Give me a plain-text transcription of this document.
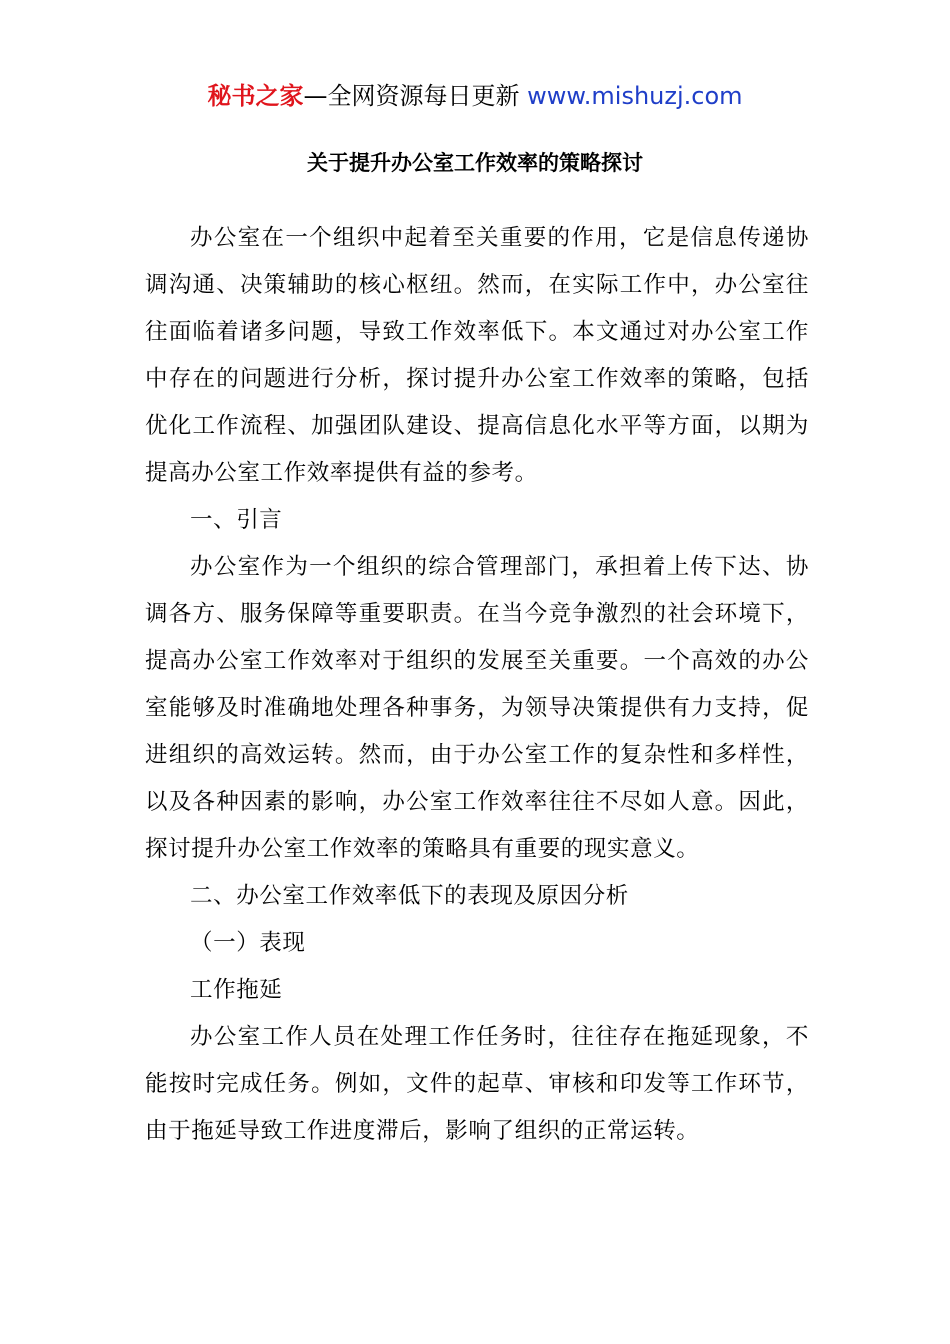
秘书之家—全网资源每日更新 www.mishuzj.com
关于提升办公室工作效率的策略探讨

办公室在一个组织中起着至关重要的作用，它是信息传递协调沟通、决策辅助的核心枢纽。然而，在实际工作中，办公室往往面临着诸多问题，导致工作效率低下。本文通过对办公室工作中存在的问题进行分析，探讨提升办公室工作效率的策略，包括优化工作流程、加强团队建设、提高信息化水平等方面，以期为提高办公室工作效率提供有益的参考。

一、引言

办公室作为一个组织的综合管理部门，承担着上传下达、协调各方、服务保障等重要职责。在当今竞争激烈的社会环境下，提高办公室工作效率对于组织的发展至关重要。一个高效的办公室能够及时准确地处理各种事务，为领导决策提供有力支持，促进组织的高效运转。然而，由于办公室工作的复杂性和多样性，以及各种因素的影响，办公室工作效率往往不尽如人意。因此，探讨提升办公室工作效率的策略具有重要的现实意义。

二、办公室工作效率低下的表现及原因分析

（一）表现

工作拖延

办公室工作人员在处理工作任务时，往往存在拖延现象，不能按时完成任务。例如，文件的起草、审核和印发等工作环节，由于拖延导致工作进度滞后，影响了组织的正常运转。
